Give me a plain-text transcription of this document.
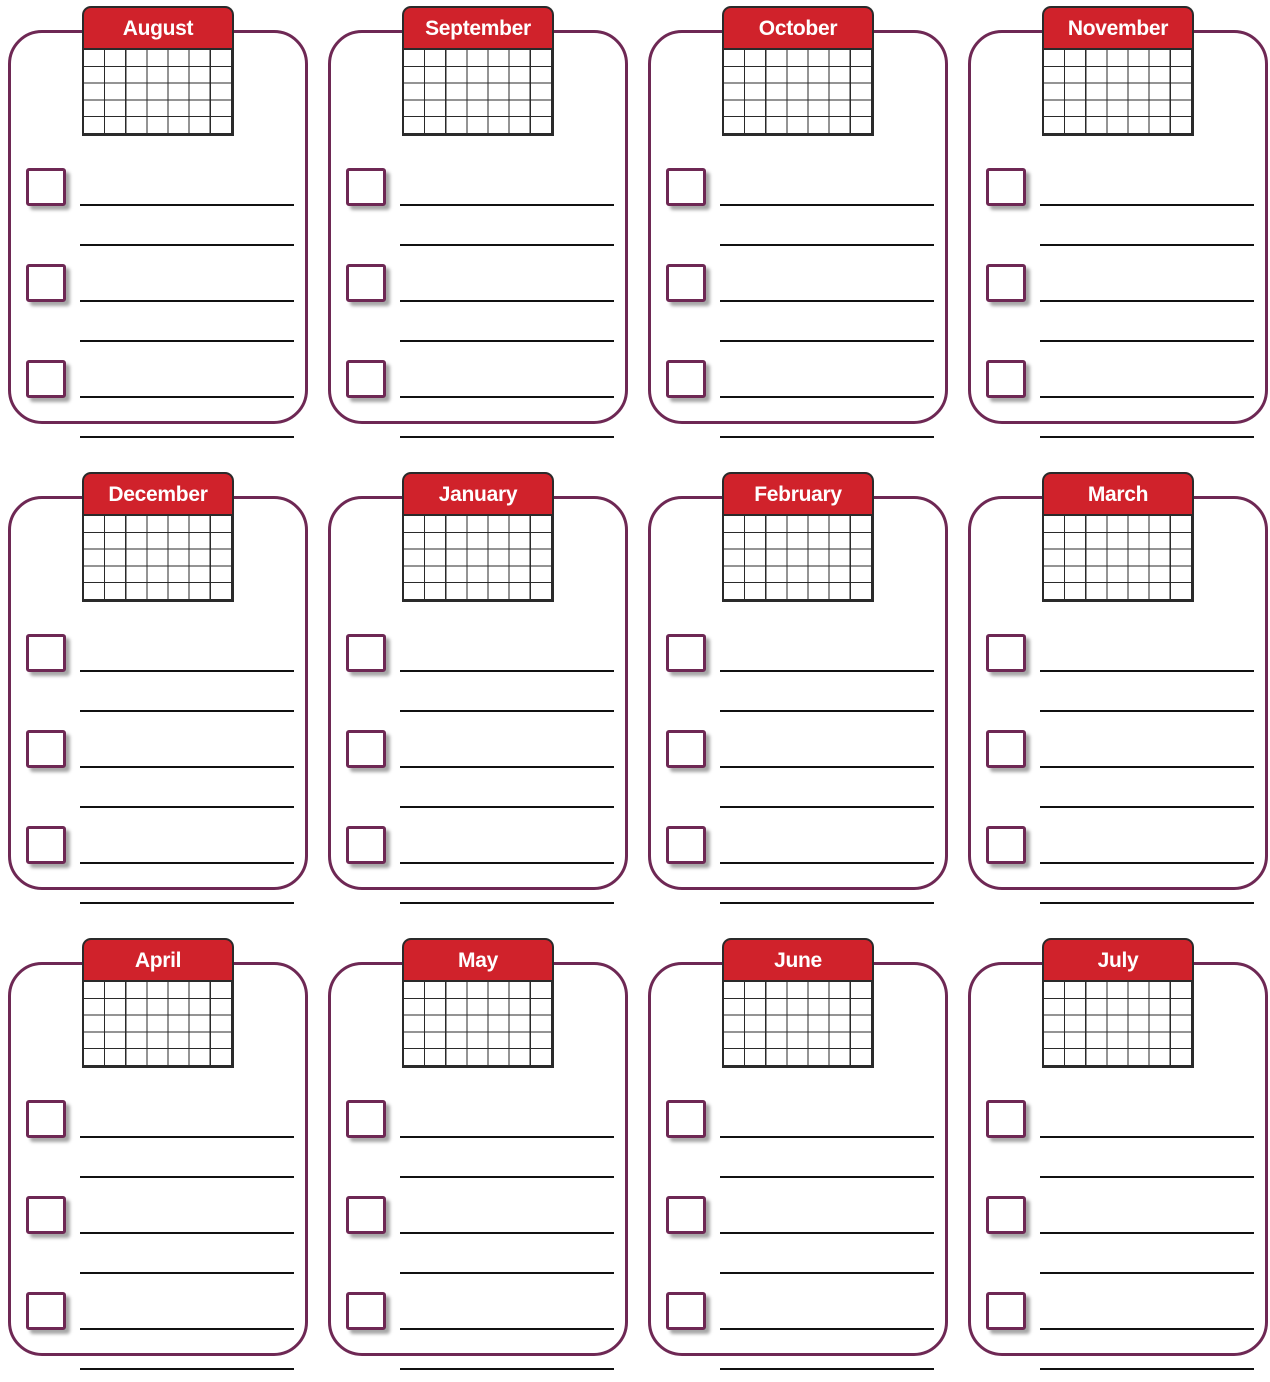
August	September	October	November
December	January	February	March
April	May	June	July
